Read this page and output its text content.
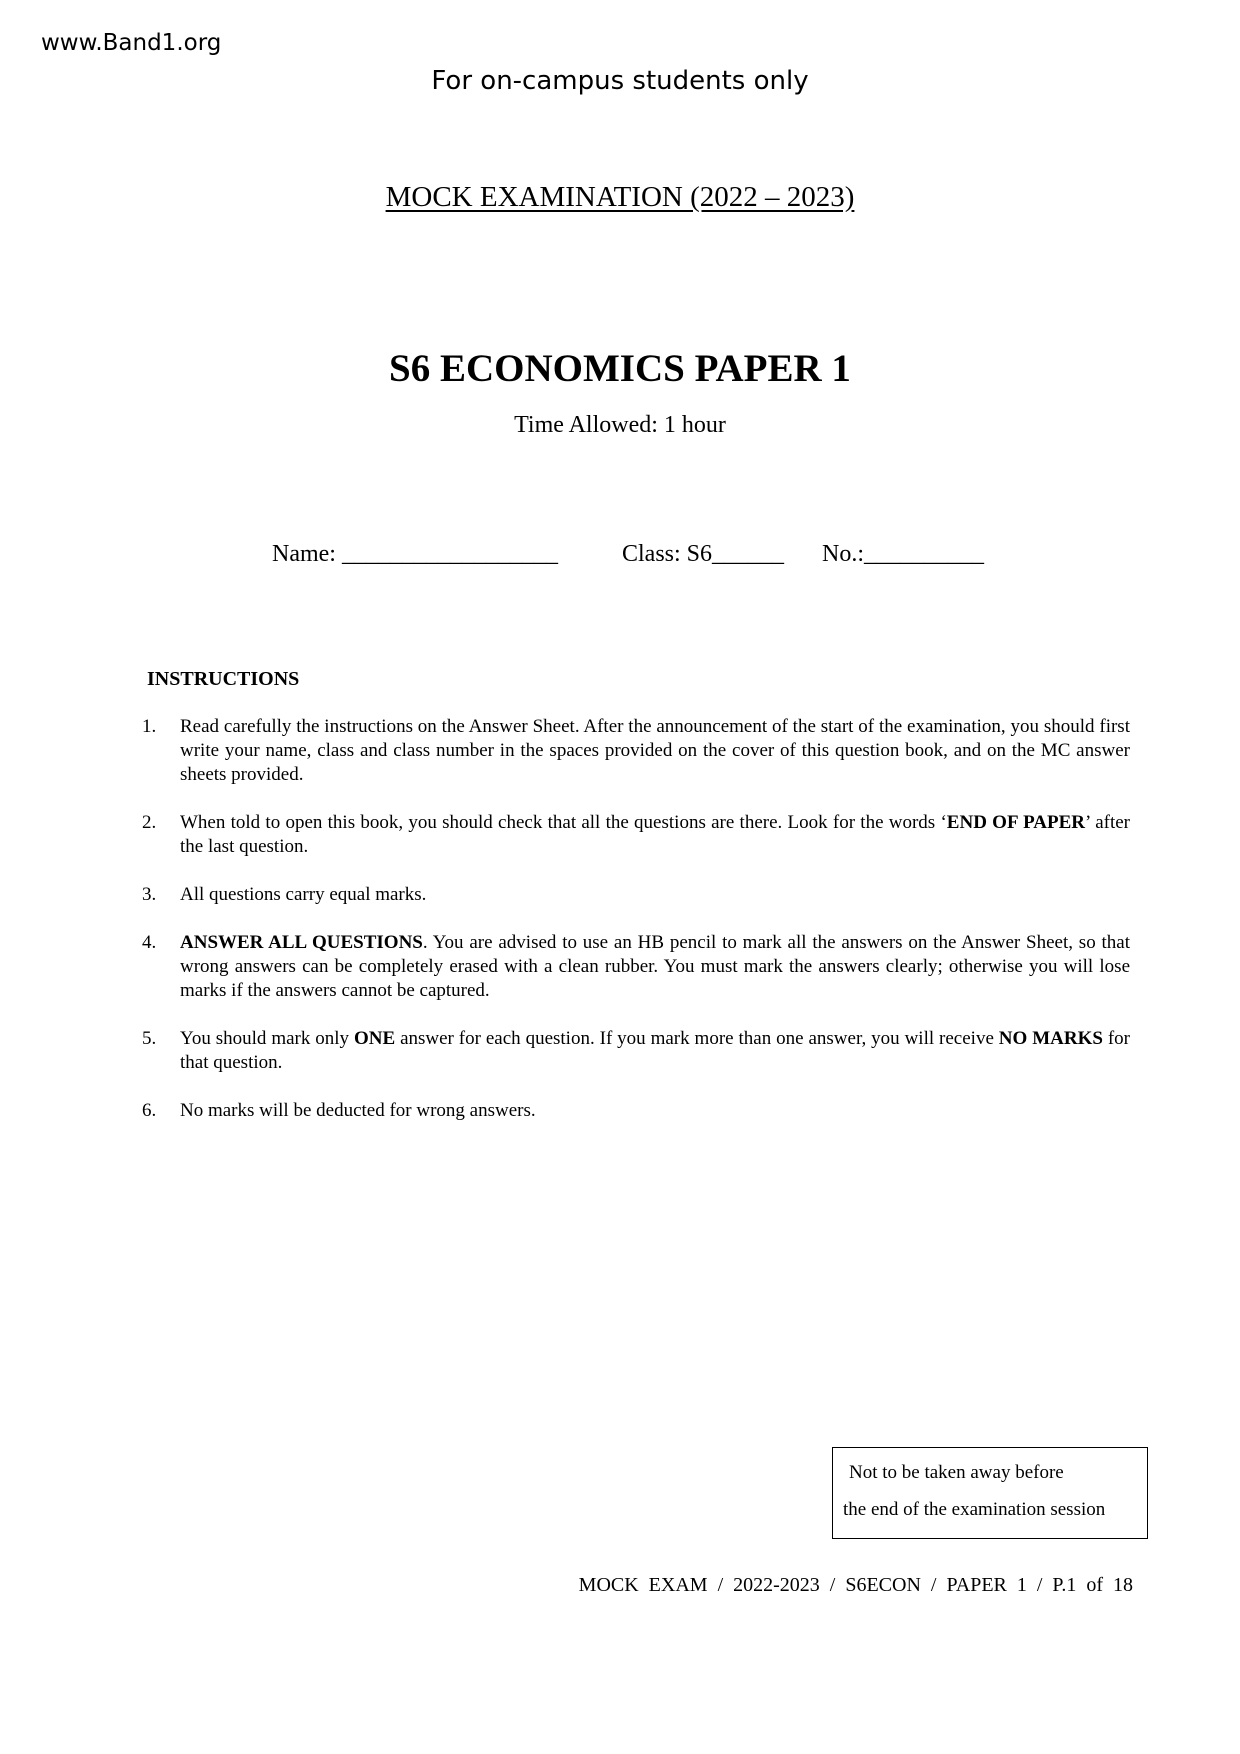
www.Band1.org
For on-campus students only
MOCK EXAMINATION (2022 – 2023)
S6 ECONOMICS PAPER 1
Time Allowed: 1 hour
Name: __________________	Class: S6______ No.:__________
INSTRUCTIONS
1. Read carefully the instructions on the Answer Sheet. After the announcement of the start of the examination, you should first write your name, class and class number in the spaces provided on the cover of this question book, and on the MC answer sheets provided.
2. When told to open this book, you should check that all the questions are there. Look for the words ‘END OF PAPER’ after the last question.
3. All questions carry equal marks.
4. ANSWER ALL QUESTIONS. You are advised to use an HB pencil to mark all the answers on the Answer Sheet, so that wrong answers can be completely erased with a clean rubber. You must mark the answers clearly; otherwise you will lose marks if the answers cannot be captured.
5. You should mark only ONE answer for each question. If you mark more than one answer, you will receive NO MARKS for that question.
6. No marks will be deducted for wrong answers.
Not to be taken away before
the end of the examination session
MOCK  EXAM  /  2022-2023  /  S6ECON  /  PAPER  1  /  P.1  of  18
